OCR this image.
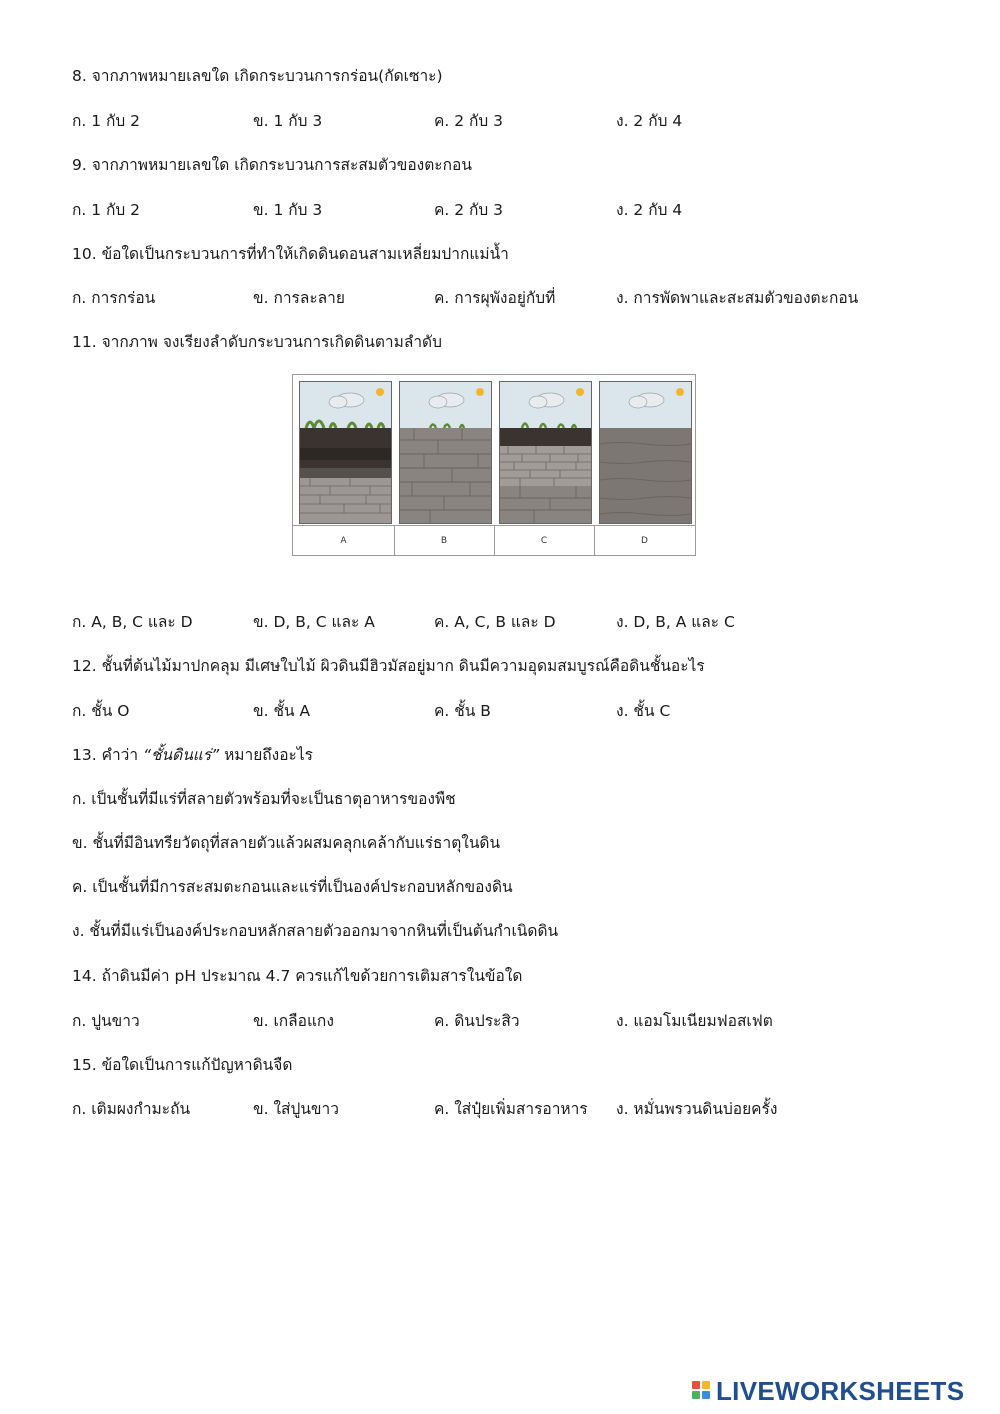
8. จากภาพหมายเลขใด เกิดกระบวนการกร่อน(กัดเซาะ)
ก. 1 กับ 2	ข. 1 กับ 3	ค. 2 กับ 3	ง. 2 กับ 4
9. จากภาพหมายเลขใด เกิดกระบวนการสะสมตัวของตะกอน
ก. 1 กับ 2	ข. 1 กับ 3	ค. 2 กับ 3	ง. 2 กับ 4
10. ข้อใดเป็นกระบวนการที่ทำให้เกิดดินดอนสามเหลี่ยมปากแม่น้ำ
ก. การกร่อน	ข. การละลาย	ค. การผุพังอยู่กับที่	ง. การพัดพาและสะสมตัวของตะกอน
11. จากภาพ จงเรียงลำดับกระบวนการเกิดดินตามลำดับ
A	B	C	D
ก. A, B, C และ D	ข. D, B, C และ A	ค. A, C, B และ D	ง. D, B, A และ C
12. ชั้นที่ต้นไม้มาปกคลุม มีเศษใบไม้ ผิวดินมีฮิวมัสอยู่มาก ดินมีความอุดมสมบูรณ์คือดินชั้นอะไร
ก. ชั้น O	ข. ชั้น A	ค. ชั้น B	ง. ชั้น C
13. คำว่า “ชั้นดินแร่” หมายถึงอะไร
ก. เป็นชั้นที่มีแร่ที่สลายตัวพร้อมที่จะเป็นธาตุอาหารของพืช
ข. ชั้นที่มีอินทรียวัตถุที่สลายตัวแล้วผสมคลุกเคล้ากับแร่ธาตุในดิน
ค. เป็นชั้นที่มีการสะสมตะกอนและแร่ที่เป็นองค์ประกอบหลักของดิน
ง. ชั้นที่มีแร่เป็นองค์ประกอบหลักสลายตัวออกมาจากหินที่เป็นต้นกำเนิดดิน
14. ถ้าดินมีค่า pH ประมาณ 4.7 ควรแก้ไขด้วยการเติมสารในข้อใด
ก. ปูนขาว	ข. เกลือแกง	ค. ดินประสิว	ง. แอมโมเนียมฟอสเฟต
15. ข้อใดเป็นการแก้ปัญหาดินจืด
ก. เติมผงกำมะถัน	ข. ใส่ปูนขาว	ค. ใส่ปุ๋ยเพิ่มสารอาหาร ง. หมั่นพรวนดินบ่อยครั้ง
LIVEWORKSHEETS
